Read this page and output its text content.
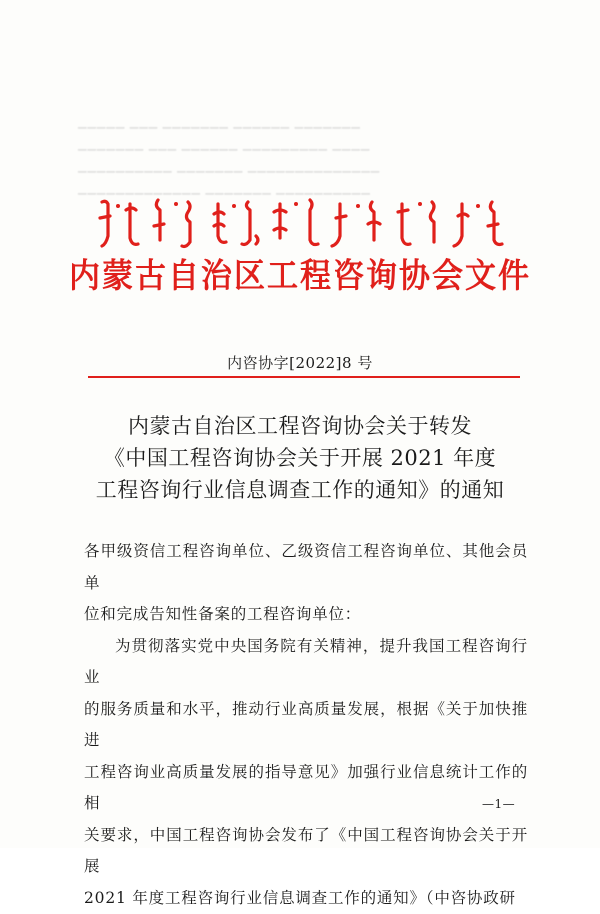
▁▁▁▁▁ ▁▁▁ ▁▁▁▁▁▁▁ ▁▁▁▁▁▁ ▁▁▁▁▁▁▁
▁▁▁▁▁▁▁ ▁▁▁ ▁▁▁▁▁▁ ▁▁▁▁▁▁▁▁▁ ▁▁▁▁
▁▁▁▁▁▁▁▁▁▁ ▁▁▁▁▁▁▁ ▁▁▁▁▁▁▁▁▁▁▁▁▁▁
▁▁▁▁▁▁▁▁▁▁▁▁▁ ▁▁▁▁▁▁▁ ▁▁▁▁▁▁▁▁▁▁
内蒙古自治区工程咨询协会文件
内咨协字[2022]8 号
内蒙古自治区工程咨询协会关于转发
《中国工程咨询协会关于开展 2021 年度
工程咨询行业信息调查工作的通知》的通知

各甲级资信工程咨询单位、乙级资信工程咨询单位、其他会员单

位和完成告知性备案的工程咨询单位：

为贯彻落实党中央国务院有关精神，提升我国工程咨询行业

的服务质量和水平，推动行业高质量发展，根据《关于加快推进

工程咨询业高质量发展的指导意见》加强行业信息统计工作的相

关要求，中国工程咨询协会发布了《中国工程咨询协会关于开展

2021 年度工程咨询行业信息调查工作的通知》（中咨协政研

—1—
